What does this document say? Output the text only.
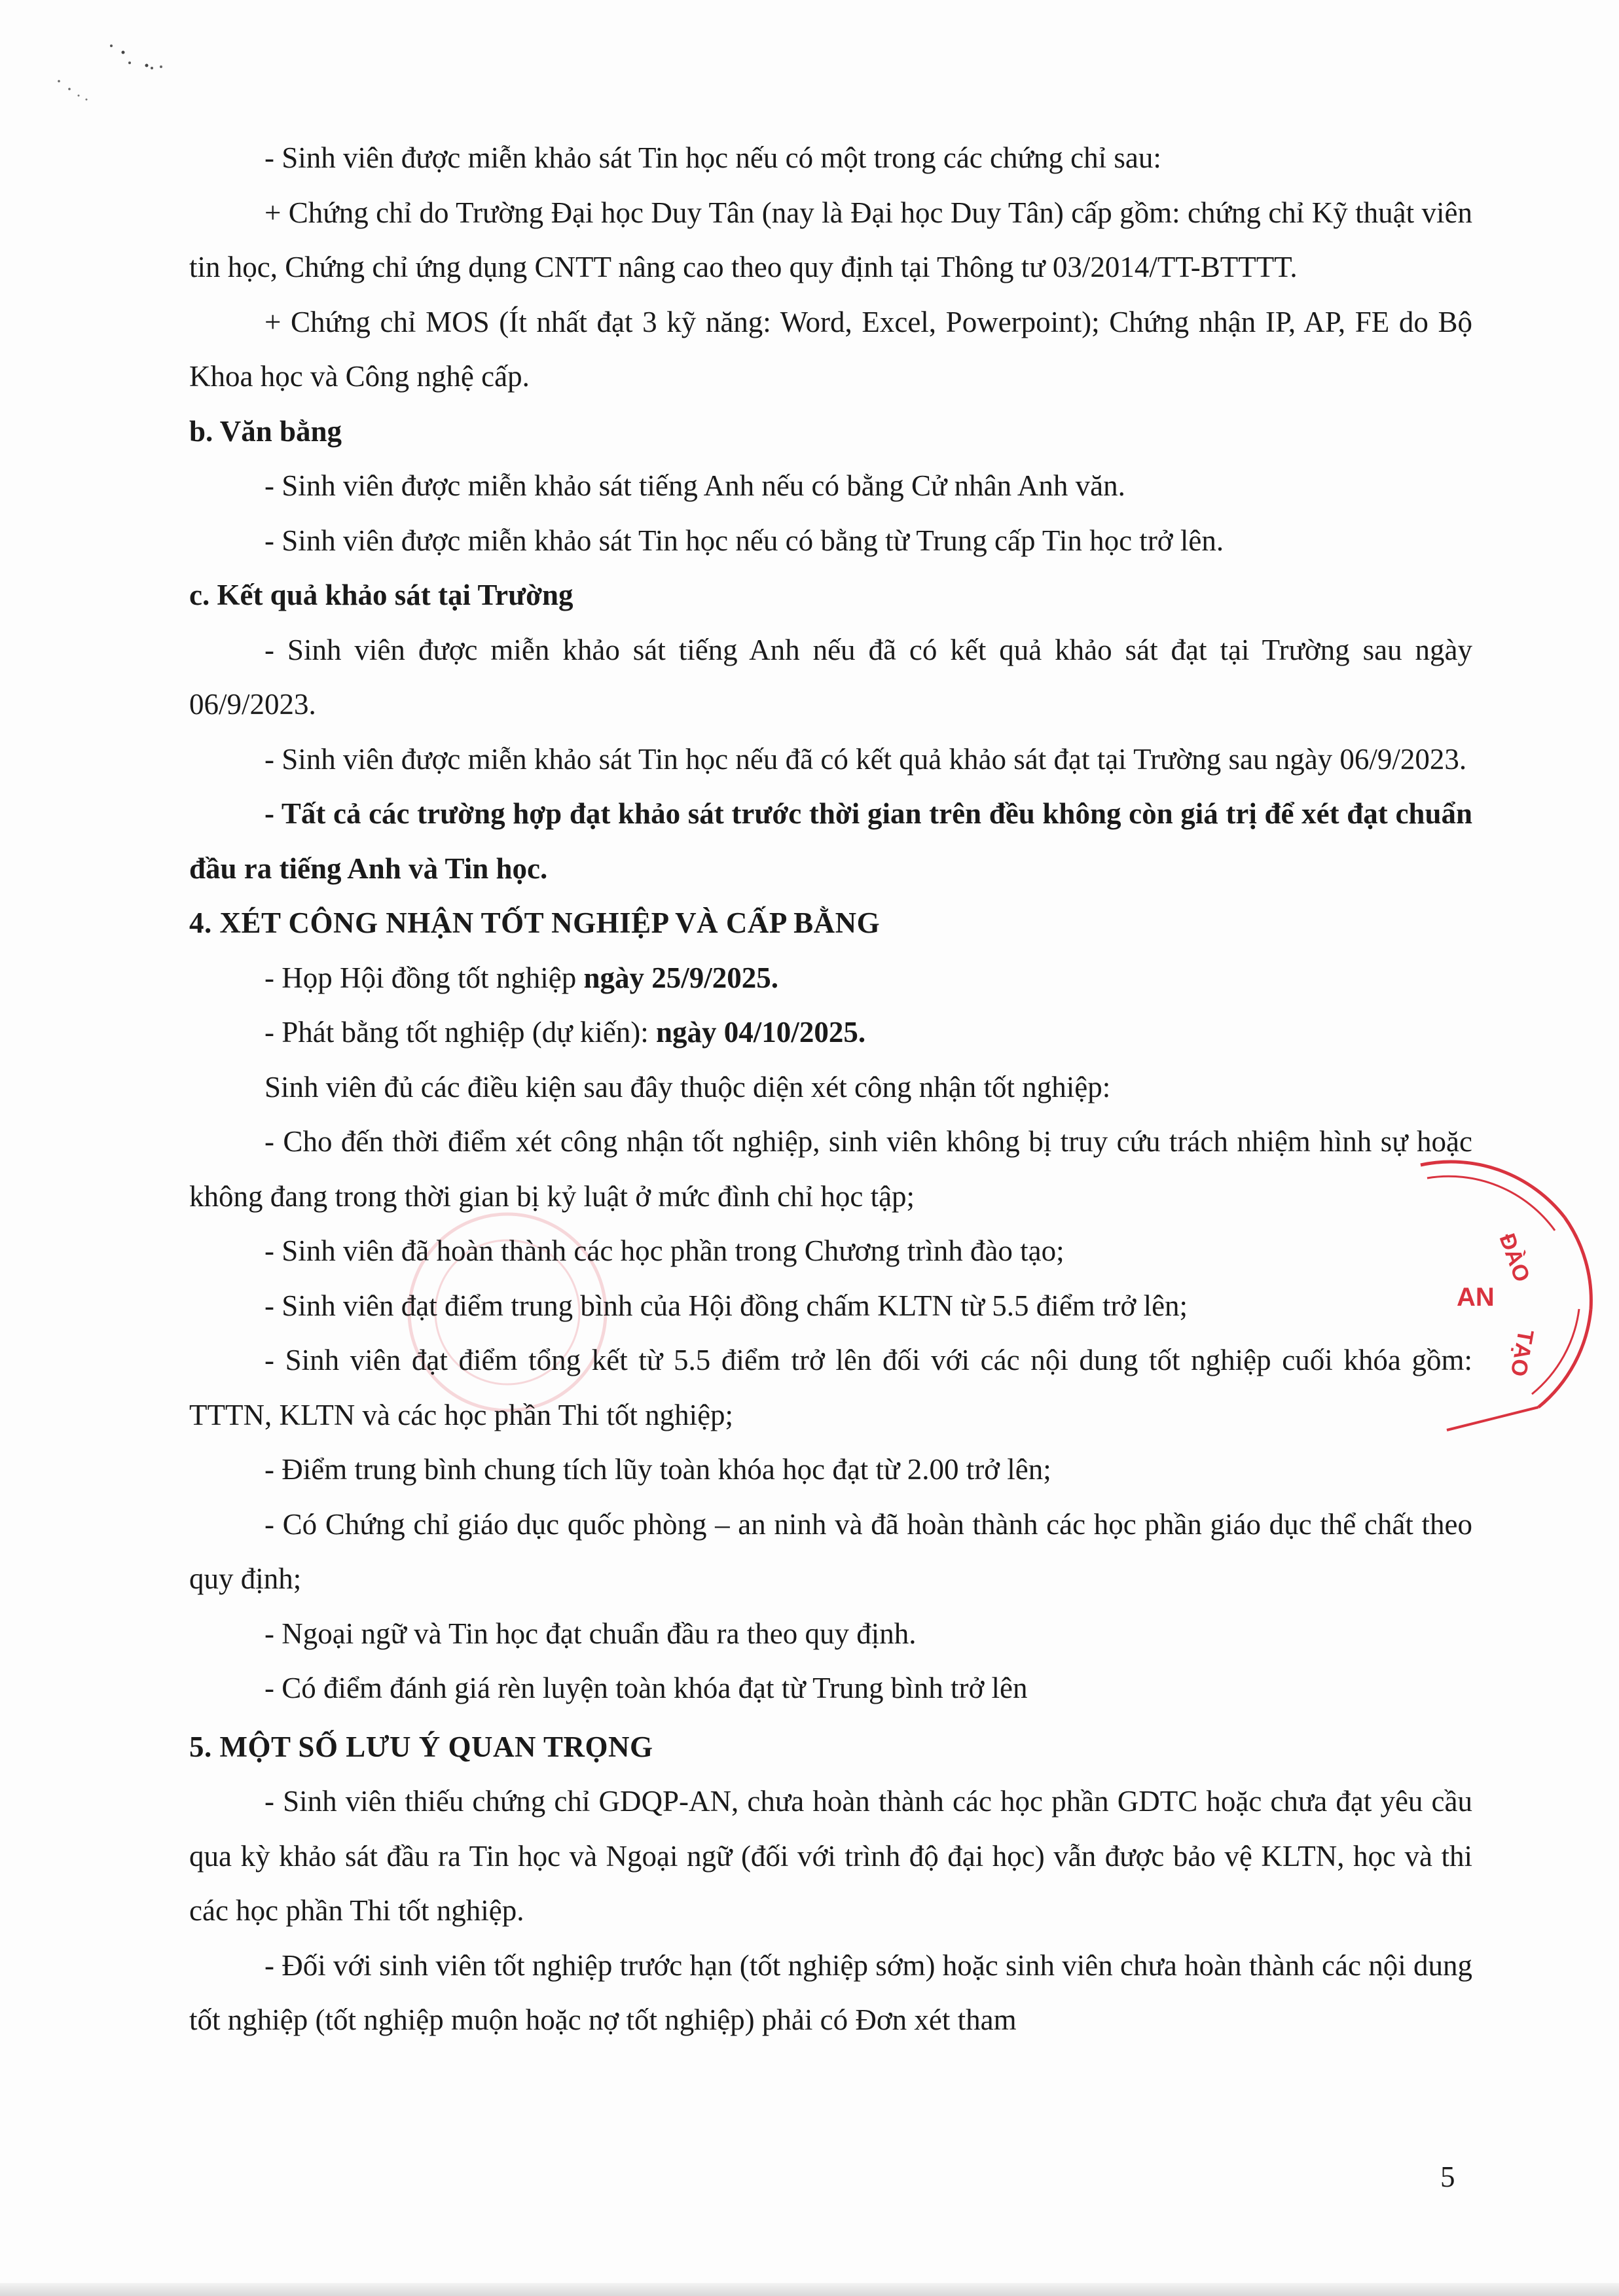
- Sinh viên được miễn khảo sát Tin học nếu có một trong các chứng chỉ sau:

+ Chứng chỉ do Trường Đại học Duy Tân (nay là Đại học Duy Tân) cấp gồm: chứng chỉ Kỹ thuật viên tin học, Chứng chỉ ứng dụng CNTT nâng cao theo quy định tại Thông tư 03/2014/TT-BTTTT.

+ Chứng chỉ MOS (Ít nhất đạt 3 kỹ năng: Word, Excel, Powerpoint); Chứng nhận IP, AP, FE do Bộ Khoa học và Công nghệ cấp.

b. Văn bằng

- Sinh viên được miễn khảo sát tiếng Anh nếu có bằng Cử nhân Anh văn.

- Sinh viên được miễn khảo sát Tin học nếu có bằng từ Trung cấp Tin học trở lên.

c. Kết quả khảo sát tại Trường

- Sinh viên được miễn khảo sát tiếng Anh nếu đã có kết quả khảo sát đạt tại Trường sau ngày 06/9/2023.

- Sinh viên được miễn khảo sát Tin học nếu đã có kết quả khảo sát đạt tại Trường sau ngày 06/9/2023.

- Tất cả các trường hợp đạt khảo sát trước thời gian trên đều không còn giá trị để xét đạt chuẩn đầu ra tiếng Anh và Tin học.

4. XÉT CÔNG NHẬN TỐT NGHIỆP VÀ CẤP BẰNG

- Họp Hội đồng tốt nghiệp ngày 25/9/2025.

- Phát bằng tốt nghiệp (dự kiến): ngày 04/10/2025.

Sinh viên đủ các điều kiện sau đây thuộc diện xét công nhận tốt nghiệp:

- Cho đến thời điểm xét công nhận tốt nghiệp, sinh viên không bị truy cứu trách nhiệm hình sự hoặc không đang trong thời gian bị kỷ luật ở mức đình chỉ học tập;

- Sinh viên đã hoàn thành các học phần trong Chương trình đào tạo;

- Sinh viên đạt điểm trung bình của Hội đồng chấm KLTN từ 5.5 điểm trở lên;

- Sinh viên đạt điểm tổng kết từ 5.5 điểm trở lên đối với các nội dung tốt nghiệp cuối khóa gồm: TTTN, KLTN và các học phần Thi tốt nghiệp;

- Điểm trung bình chung tích lũy toàn khóa học đạt từ 2.00 trở lên;

- Có Chứng chỉ giáo dục quốc phòng – an ninh và đã hoàn thành các học phần giáo dục thể chất theo quy định;

- Ngoại ngữ và Tin học đạt chuẩn đầu ra theo quy định.

- Có điểm đánh giá rèn luyện toàn khóa đạt từ Trung bình trở lên

5. MỘT SỐ LƯU Ý QUAN TRỌNG

- Sinh viên thiếu chứng chỉ GDQP-AN, chưa hoàn thành các học phần GDTC hoặc chưa đạt yêu cầu qua kỳ khảo sát đầu ra Tin học và Ngoại ngữ (đối với trình độ đại học) vẫn được bảo vệ KLTN, học và thi các học phần Thi tốt nghiệp.

- Đối với sinh viên tốt nghiệp trước hạn (tốt nghiệp sớm) hoặc sinh viên chưa hoàn thành các nội dung tốt nghiệp (tốt nghiệp muộn hoặc nợ tốt nghiệp) phải có Đơn xét tham

ĐÀO
AN
TẠO
5
